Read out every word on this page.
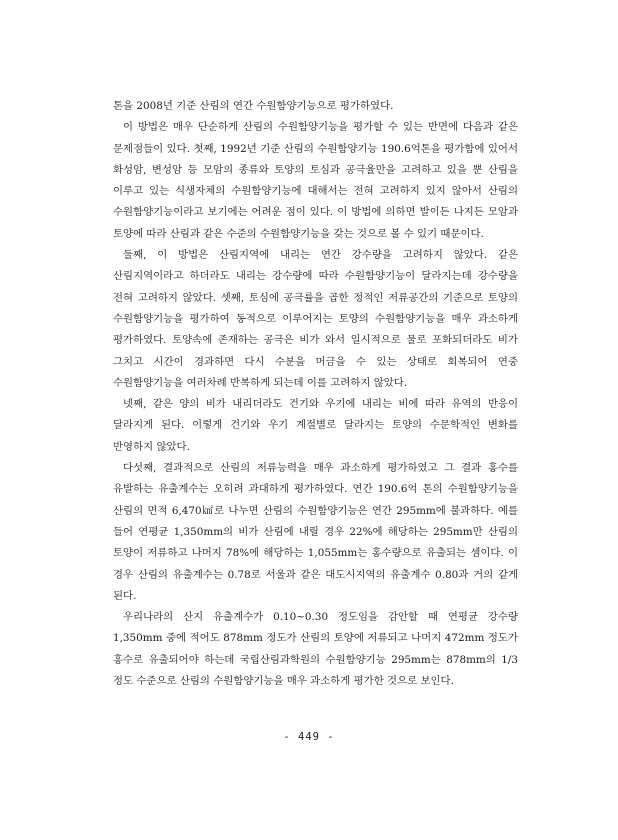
톤을 2008년 기준 산림의 연간 수원함양기능으로 평가하였다.

이 방법은 매우 단순하게 산림의 수원함양기능을 평가할 수 있는 반면에 다음과 같은 문제점들이 있다. 첫째, 1992년 기준 산림의 수원함양기능 190.6억톤을 평가함에 있어서 화성암, 변성암 등 모암의 종류와 토양의 토심과 공극율만을 고려하고 있을 뿐 산림을 이루고 있는 식생자체의 수원함양기능에 대해서는 전혀 고려하지 있지 않아서 산림의 수원함양기능이라고 보기에는 어려운 점이 있다. 이 방법에 의하면 발이든 나지든 모암과 토양에 따라 산림과 같은 수준의 수원함양기능을 갖는 것으로 볼 수 있기 때문이다.

둘째, 이 방법은 산림지역에 내리는 연간 강수량을 고려하지 않았다. 같은 산림지역이라고 하더라도 내리는 강수량에 따라 수원함양기능이 달라지는데 강수량을 전혀 고려하지 않았다. 셋째, 토심에 공극률을 곱한 정적인 저류공간의 기준으로 토양의 수원함양기능을 평가하여 동적으로 이루어지는 토양의 수원함양기능을 매우 과소하게 평가하였다. 토양속에 존재하는 공극은 비가 와서 일시적으로 물로 포화되더라도 비가 그치고 시간이 경과하면 다시 수분을 머금을 수 있는 상태로 회복되어 연중 수원함양기능을 여러차례 반복하게 되는데 이를 고려하지 않았다.

넷째, 같은 양의 비가 내리더라도 건기와 우기에 내리는 비에 따라 유역의 반응이 달라지게 된다. 이렇게 건기와 우기 계절별로 달라지는 토양의 수문학적인 변화를 반영하지 않았다.

다섯째, 결과적으로 산림의 저류능력을 매우 과소하게 평가하였고 그 결과 홍수를 유발하는 유출계수는 오히려 과대하게 평가하였다. 연간 190.6억 톤의 수원함양기능을 산림의 면적 6,470㎢로 나누면 산림의 수원함양기능은 연간 295mm에 불과하다. 예를 들어 연평균 1,350mm의 비가 산림에 내릴 경우 22%에 해당하는 295mm만 산림의 토양이 저류하고 나머지 78%에 해당하는 1,055mm는 홍수량으로 유출되는 셈이다. 이 경우 산림의 유출계수는 0.78로 서울과 같은 대도시지역의 유출계수 0.80과 거의 같게 된다.

우리나라의 산지 유출계수가 0.10~0.30 정도임을 감안할 때 연평균 강수량 1,350mm 중에 적어도 878mm 정도가 산림의 토양에 저류되고 나머지 472mm 정도가 홍수로 유출되어야 하는데 국립산림과학원의 수원함양기능 295mm는 878mm의 1/3 정도 수준으로 산림의 수원함양기능을 매우 과소하게 평가한 것으로 보인다.

- 449 -
